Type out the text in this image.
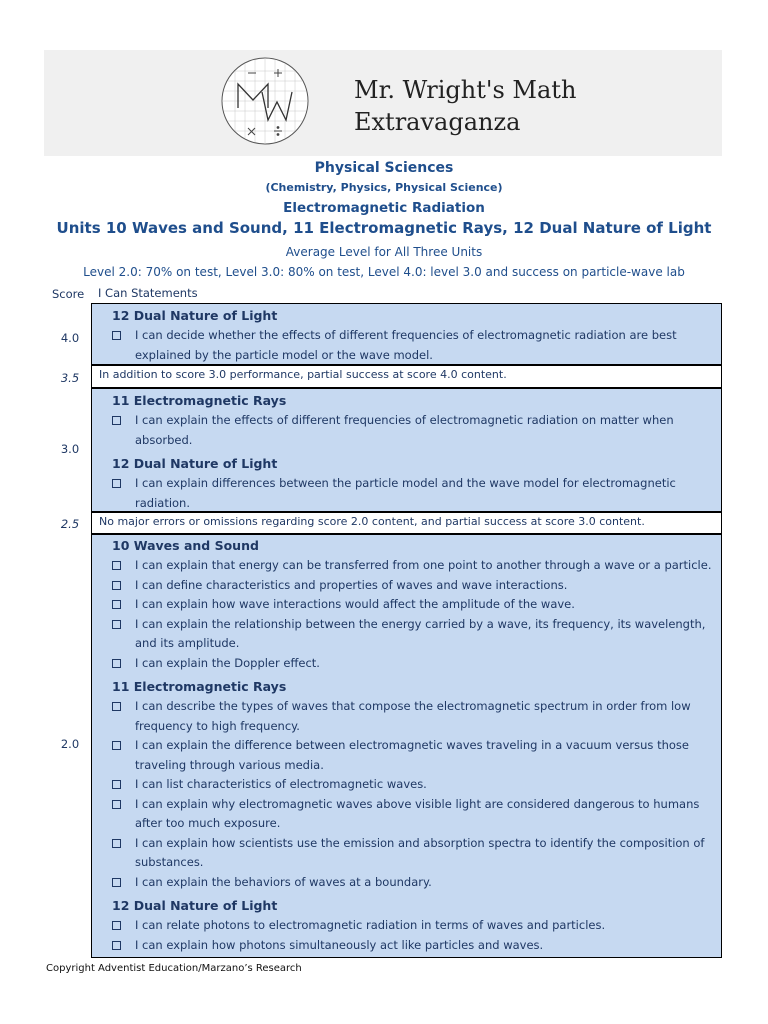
Mr. Wright's Math
Extravaganza
Physical Sciences
(Chemistry, Physics, Physical Science)
Electromagnetic Radiation
Units 10 Waves and Sound, 11 Electromagnetic Rays, 12 Dual Nature of Light
Average Level for All Three Units
Level 2.0: 70% on test, Level 3.0: 80% on test, Level 4.0: level 3.0 and success on particle-wave lab
Score I Can Statements
4.0
12 Dual Nature of Light
I can decide whether the effects of different frequencies of electromagnetic radiation are best explained by the particle model or the wave model.
3.5	In addition to score 3.0 performance, partial success at score 4.0 content.
3.0
11 Electromagnetic Rays
I can explain the effects of different frequencies of electromagnetic radiation on matter when absorbed.
12 Dual Nature of Light
I can explain differences between the particle model and the wave model for electromagnetic radiation.
2.5	No major errors or omissions regarding score 2.0 content, and partial success at score 3.0 content.
2.0
10 Waves and Sound
I can explain that energy can be transferred from one point to another through a wave or a particle.
I can define characteristics and properties of waves and wave interactions.
I can explain how wave interactions would affect the amplitude of the wave.
I can explain the relationship between the energy carried by a wave, its frequency, its wavelength, and its amplitude.
I can explain the Doppler effect.
11 Electromagnetic Rays
I can describe the types of waves that compose the electromagnetic spectrum in order from low frequency to high frequency.
I can explain the difference between electromagnetic waves traveling in a vacuum versus those traveling through various media.
I can list characteristics of electromagnetic waves.
I can explain why electromagnetic waves above visible light are considered dangerous to humans after too much exposure.
I can explain how scientists use the emission and absorption spectra to identify the composition of substances.
I can explain the behaviors of waves at a boundary.
12 Dual Nature of Light
I can relate photons to electromagnetic radiation in terms of waves and particles.
I can explain how photons simultaneously act like particles and waves.
Copyright Adventist Education/Marzano’s Research
